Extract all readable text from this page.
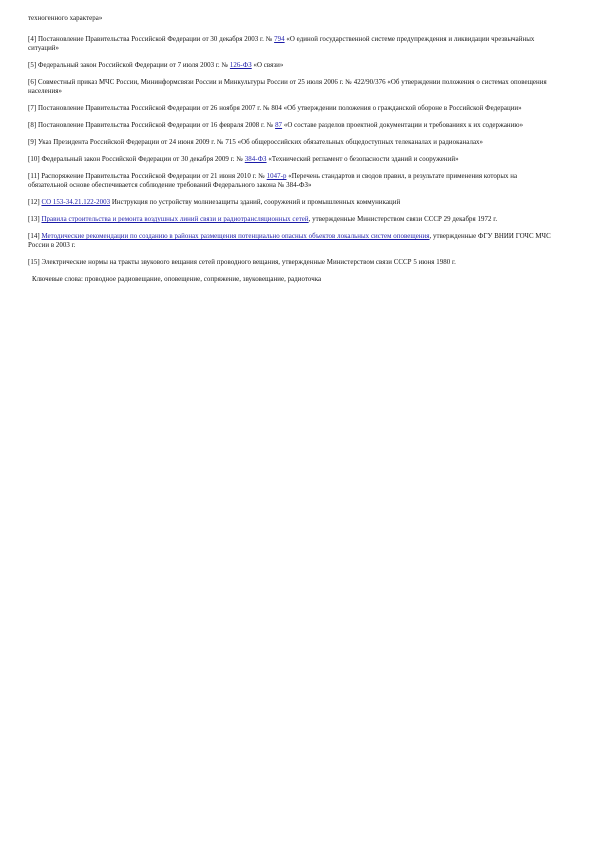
техногенного характера»

[4] Постановление Правительства Российской Федерации от 30 декабря 2003 г. № 794 «О единой государственной системе предупреждения и ликвидации чрезвычайных ситуаций»

[5] Федеральный закон Российской Федерации от 7 июля 2003 г. № 126-ФЗ «О связи»

[6] Совместный приказ МЧС России, Мининформсвязи России и Минкультуры России от 25 июля 2006 г. № 422/90/376 «Об утверждении положения о системах оповещения населения»

[7] Постановление Правительства Российской Федерации от 26 ноября 2007 г. № 804 «Об утверждении положения о гражданской обороне в Российской Федерации»

[8] Постановление Правительства Российской Федерации от 16 февраля 2008 г. № 87 «О составе разделов проектной документации и требованиях к их содержанию»

[9] Указ Президента Российской Федерации от 24 июня 2009 г. № 715 «Об общероссийских обязательных общедоступных телеканалах и радиоканалах»

[10] Федеральный закон Российской Федерации от 30 декабря 2009 г. № 384-ФЗ «Технический регламент о безопасности зданий и сооружений»

[11] Распоряжение Правительства Российской Федерации от 21 июня 2010 г. № 1047-р «Перечень стандартов и сводов правил, в результате применения которых на обязательной основе обеспечивается соблюдение требований Федерального закона № 384-ФЗ»

[12] СО 153-34.21.122-2003 Инструкция по устройству молниезащиты зданий, сооружений и промышленных коммуникаций

[13] Правила строительства и ремонта воздушных линий связи и радиотрансляционных сетей, утвержденные Министерством связи СССР 29 декабря 1972 г.

[14] Методические рекомендации по созданию в районах размещения потенциально опасных объектов локальных систем оповещения, утвержденные ФГУ ВНИИ ГОЧС МЧС России в 2003 г.

[15] Электрические нормы на тракты звукового вещания сетей проводного вещания, утвержденные Министерством связи СССР 5 июня 1980 г.

Ключевые слова: проводное радиовещание, оповещение, сопряжение, звуковещание, радиоточка
